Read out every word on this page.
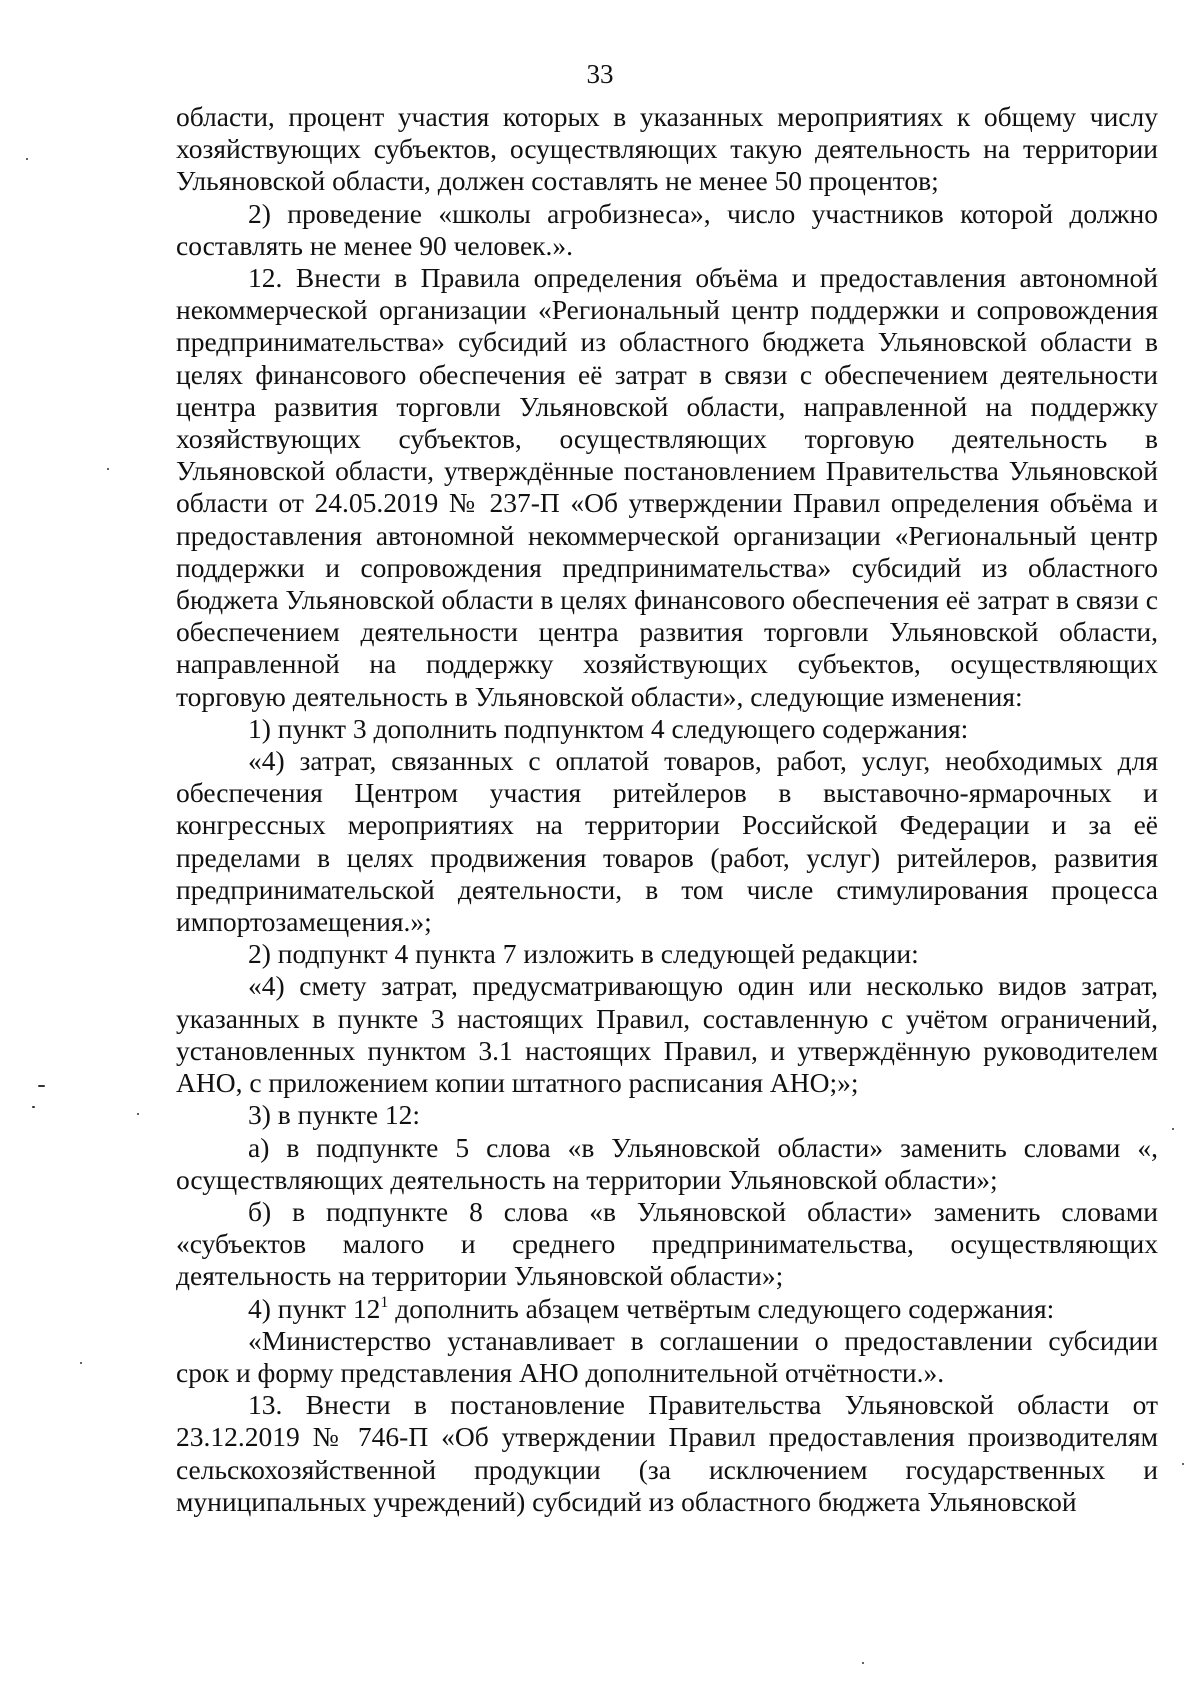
33

области, процент участия которых в указанных мероприятиях к общему числу хозяйствующих субъектов, осуществляющих такую деятельность на территории Ульяновской области, должен составлять не менее 50 процентов;

2) проведение «школы агробизнеса», число участников которой должно составлять не менее 90 человек.».

12. Внести в Правила определения объёма и предоставления автономной некоммерческой организации «Региональный центр поддержки и сопровождения предпринимательства» субсидий из областного бюджета Ульяновской области в целях финансового обеспечения её затрат в связи с обеспечением деятельности центра развития торговли Ульяновской области, направленной на поддержку хозяйствующих субъектов, осуществляющих торговую деятельность в Ульяновской области, утверждённые постановлением Правительства Ульяновской области от 24.05.2019 № 237-П «Об утверждении Правил определения объёма и предоставления автономной некоммерческой организации «Региональный центр поддержки и сопровождения предпринимательства» субсидий из областного бюджета Ульяновской области в целях финансового обеспечения её затрат в связи с обеспечением деятельности центра развития торговли Ульяновской области, направленной на поддержку хозяйствующих субъектов, осуществляющих торговую деятельность в Ульяновской области», следующие изменения:

1) пункт 3 дополнить подпунктом 4 следующего содержания:

«4) затрат, связанных с оплатой товаров, работ, услуг, необходимых для обеспечения Центром участия ритейлеров в выставочно-ярмарочных и конгрессных мероприятиях на территории Российской Федерации и за её пределами в целях продвижения товаров (работ, услуг) ритейлеров, развития предпринимательской деятельности, в том числе стимулирования процесса импортозамещения.»;

2) подпункт 4 пункта 7 изложить в следующей редакции:

«4) смету затрат, предусматривающую один или несколько видов затрат, указанных в пункте 3 настоящих Правил, составленную с учётом ограничений, установленных пунктом 3.1 настоящих Правил, и утверждённую руководителем АНО, с приложением копии штатного расписания АНО;»;

3) в пункте 12:

а) в подпункте 5 слова «в Ульяновской области» заменить словами «, осуществляющих деятельность на территории Ульяновской области»;

б) в подпункте 8 слова «в Ульяновской области» заменить словами «субъектов малого и среднего предпринимательства, осуществляющих деятельность на территории Ульяновской области»;

4) пункт $12^1$ дополнить абзацем четвёртым следующего содержания:

«Министерство устанавливает в соглашении о предоставлении субсидии срок и форму представления АНО дополнительной отчётности.».

13. Внести в постановление Правительства Ульяновской области от 23.12.2019 № 746-П «Об утверждении Правил предоставления производителям сельскохозяйственной продукции (за исключением государственных и муниципальных учреждений) субсидий из областного бюджета Ульяновской
